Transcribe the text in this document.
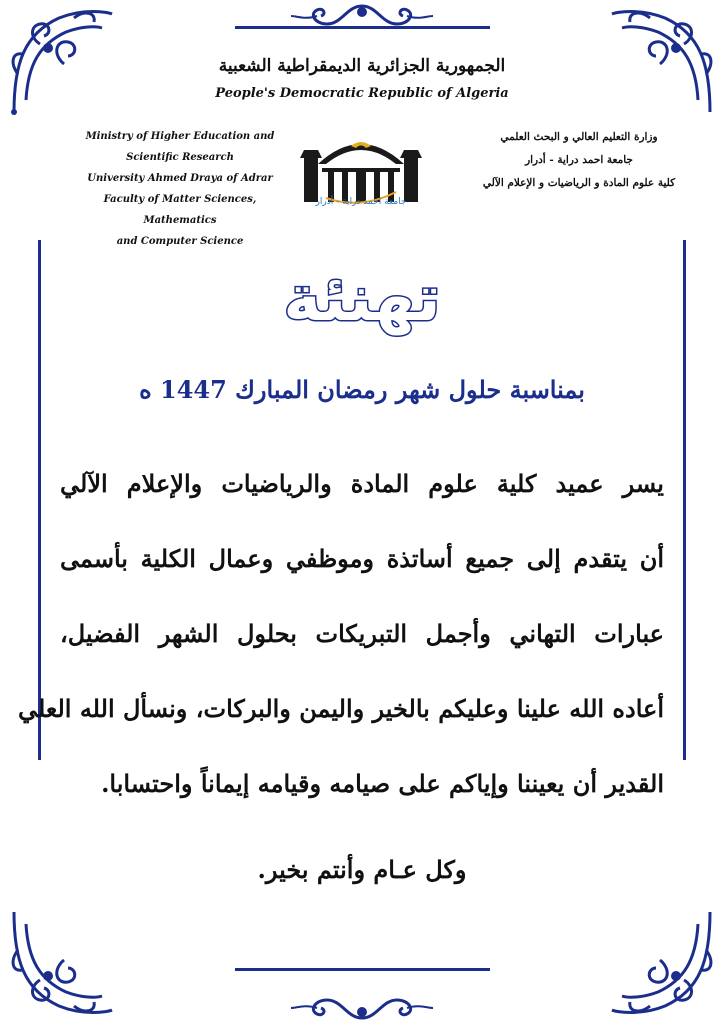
الجمهورية الجزائرية الديمقراطية الشعبية
People's Democratic Republic of Algeria
Ministry of Higher Education and
Scientific Research
University Ahmed Draya of Adrar
Faculty of Matter Sciences, Mathematics
and Computer Science
جامعة احمد دراية - أدرار
وزارة التعليم العالي و البحث العلمي
جامعة احمد دراية - أدرار
كلية علوم المادة و الرياضيات و الإعلام الآلي
تهنئة
بمناسبة حلول شهر رمضان المبارك 1447 ه
يسر عميد كلية علوم المادة والرياضيات والإعلام الآلي
أن يتقدم إلى جميع أساتذة وموظفي وعمال الكلية بأسمى
عبارات التهاني وأجمل التبريكات بحلول الشهر الفضيل،
أعاده الله علينا وعليكم بالخير واليمن والبركات، ونسأل الله العلي
القدير أن يعيننا وإياكم على صيامه وقيامه إيماناً واحتسابا.
وكل عـام وأنتم بخير.
